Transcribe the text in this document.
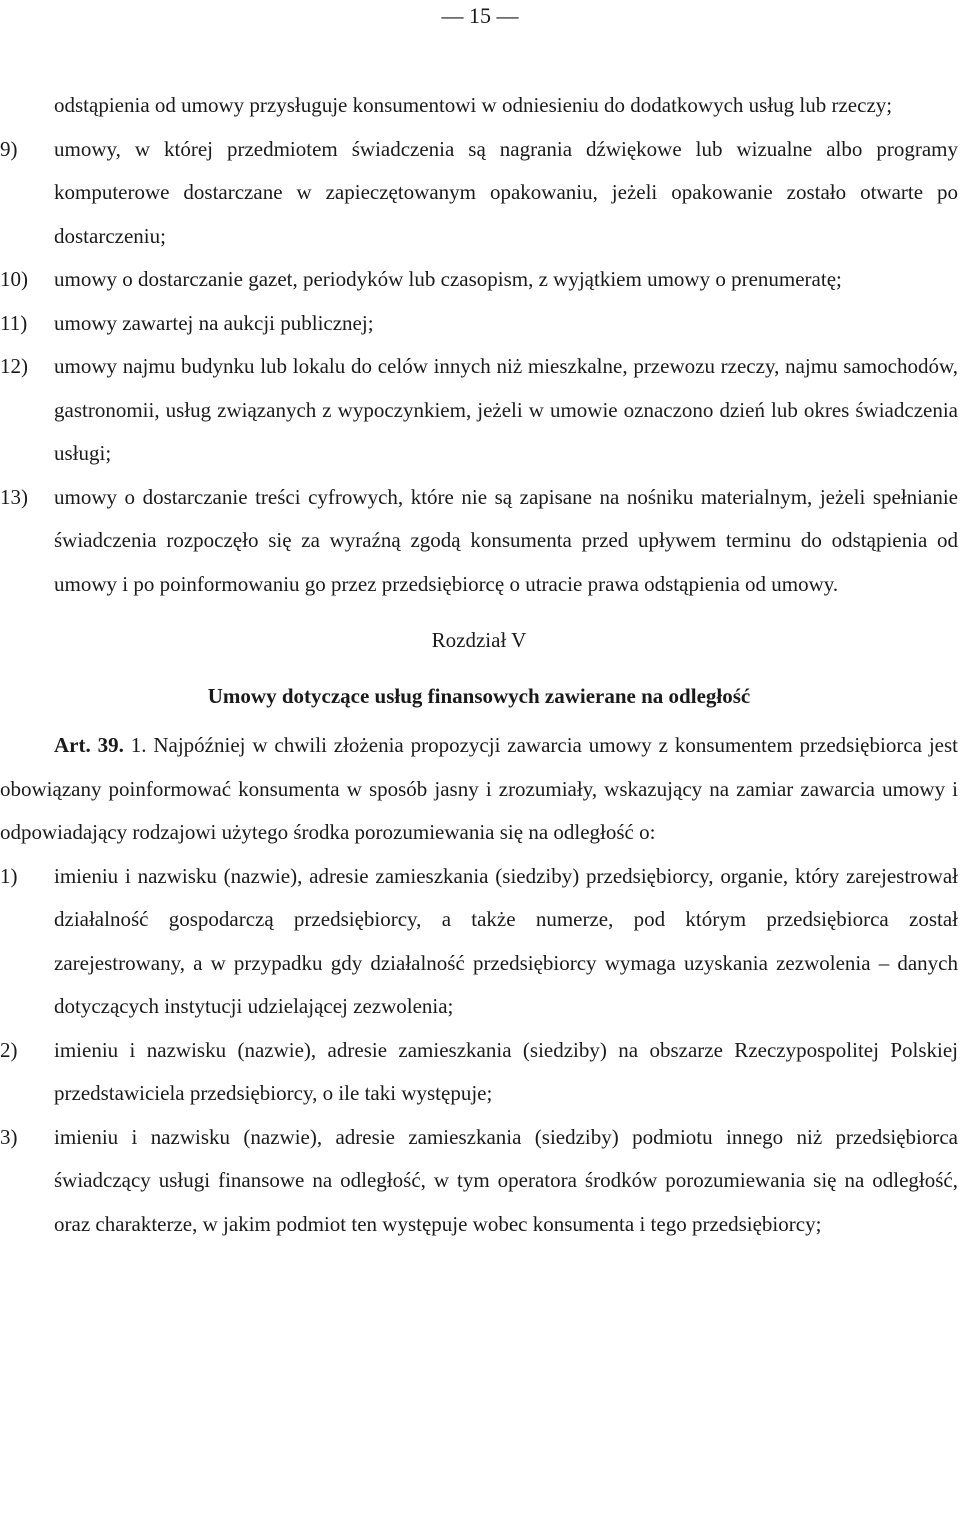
— 15 —
odstąpienia od umowy przysługuje konsumentowi w odniesieniu do dodatkowych usług lub rzeczy;
9) umowy, w której przedmiotem świadczenia są nagrania dźwiękowe lub wizualne albo programy komputerowe dostarczane w zapieczętowanym opakowaniu, jeżeli opakowanie zostało otwarte po dostarczeniu;
10) umowy o dostarczanie gazet, periodyków lub czasopism, z wyjątkiem umowy o prenumeratę;
11) umowy zawartej na aukcji publicznej;
12) umowy najmu budynku lub lokalu do celów innych niż mieszkalne, przewozu rzeczy, najmu samochodów, gastronomii, usług związanych z wypoczynkiem, jeżeli w umowie oznaczono dzień lub okres świadczenia usługi;
13) umowy o dostarczanie treści cyfrowych, które nie są zapisane na nośniku materialnym, jeżeli spełnianie świadczenia rozpoczęło się za wyraźną zgodą konsumenta przed upływem terminu do odstąpienia od umowy i po poinformowaniu go przez przedsiębiorcę o utracie prawa odstąpienia od umowy.
Rozdział V
Umowy dotyczące usług finansowych zawierane na odległość
Art. 39. 1. Najpóźniej w chwili złożenia propozycji zawarcia umowy z konsumentem przedsiębiorca jest obowiązany poinformować konsumenta w sposób jasny i zrozumiały, wskazujący na zamiar zawarcia umowy i odpowiadający rodzajowi użytego środka porozumiewania się na odległość o:
1) imieniu i nazwisku (nazwie), adresie zamieszkania (siedziby) przedsiębiorcy, organie, który zarejestrował działalność gospodarczą przedsiębiorcy, a także numerze, pod którym przedsiębiorca został zarejestrowany, a w przypadku gdy działalność przedsiębiorcy wymaga uzyskania zezwolenia – danych dotyczących instytucji udzielającej zezwolenia;
2) imieniu i nazwisku (nazwie), adresie zamieszkania (siedziby) na obszarze Rzeczypospolitej Polskiej przedstawiciela przedsiębiorcy, o ile taki występuje;
3) imieniu i nazwisku (nazwie), adresie zamieszkania (siedziby) podmiotu innego niż przedsiębiorca świadczący usługi finansowe na odległość, w tym operatora środków porozumiewania się na odległość, oraz charakterze, w jakim podmiot ten występuje wobec konsumenta i tego przedsiębiorcy;
